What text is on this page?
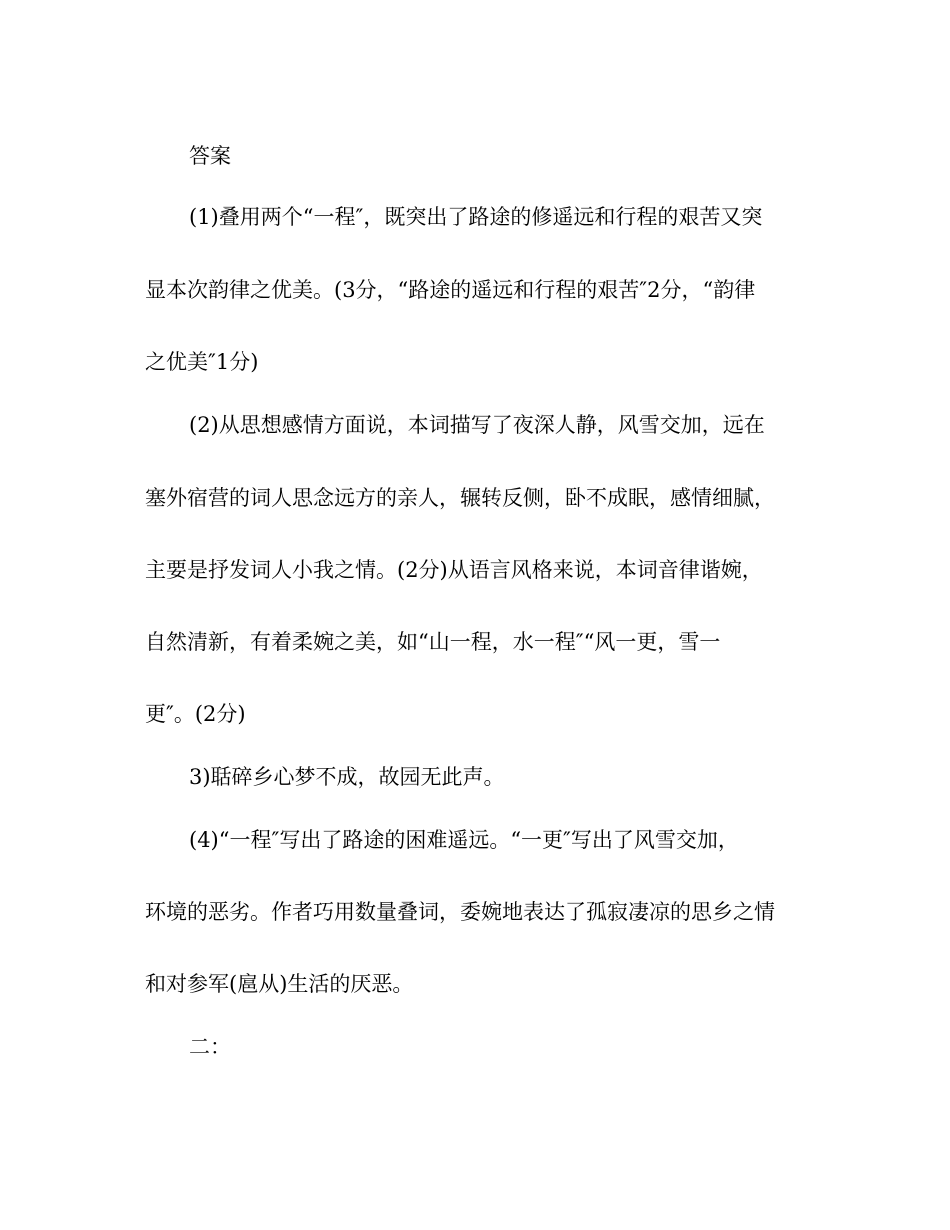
答案

(1)叠用两个“一程″，既突出了路途的修遥远和行程的艰苦又突

显本次韵律之优美。(3分，“路途的遥远和行程的艰苦″2分，“韵律

之优美″1分)

(2)从思想感情方面说，本词描写了夜深人静，风雪交加，远在

塞外宿营的词人思念远方的亲人，辗转反侧，卧不成眠，感情细腻，

主要是抒发词人小我之情。(2分)从语言风格来说，本词音律谐婉，

自然清新，有着柔婉之美，如“山一程，水一程″“风一更，雪一

更″。(2分)

3)聒碎乡心梦不成，故园无此声。

(4)“一程″写出了路途的困难遥远。“一更″写出了风雪交加，

环境的恶劣。作者巧用数量叠词，委婉地表达了孤寂凄凉的思乡之情

和对参军(扈从)生活的厌恶。

二：
